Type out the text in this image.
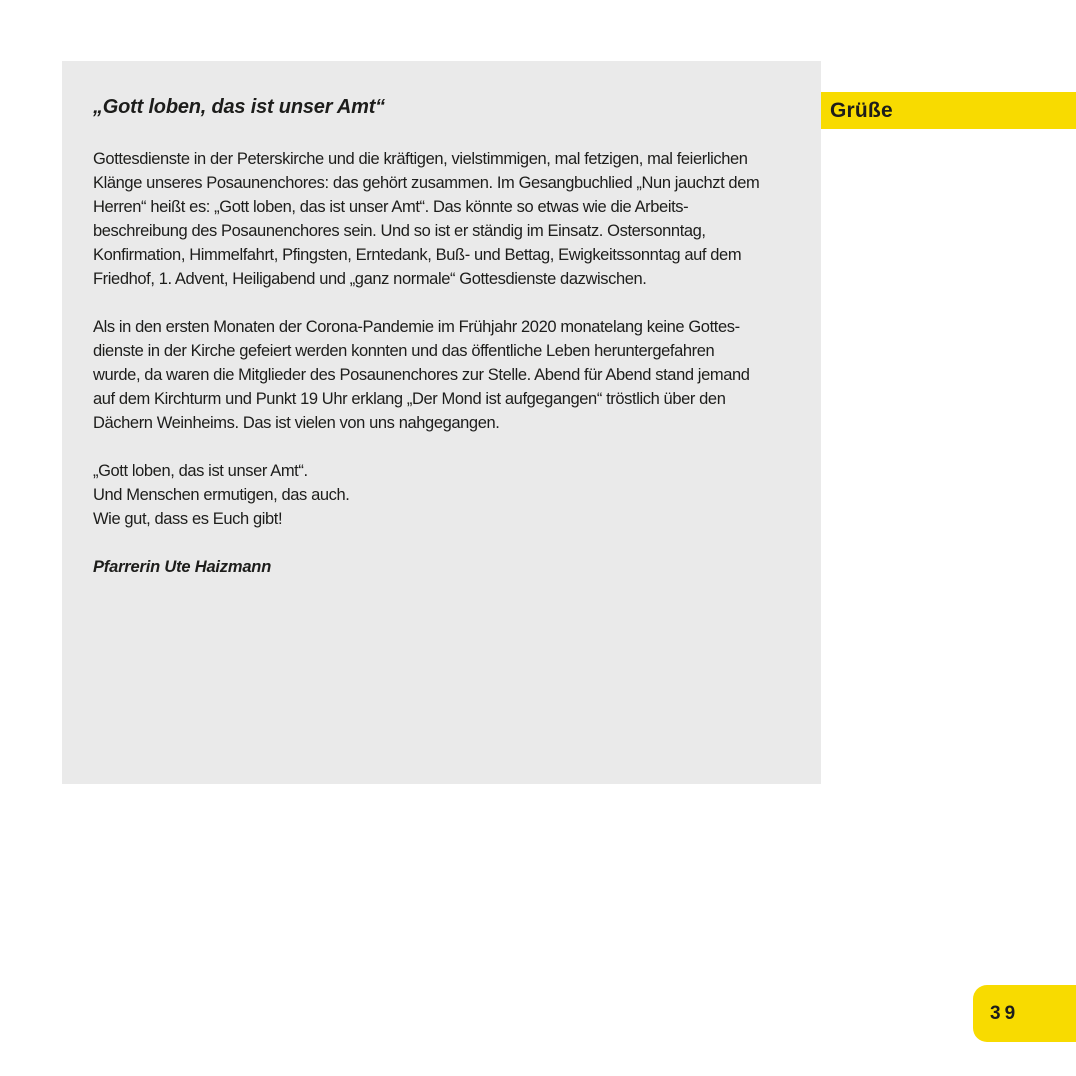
„Gott loben, das ist unser Amt“
Gottesdienste in der Peterskirche und die kräftigen, vielstimmigen, mal fetzigen, mal feierlichen
Klänge unseres Posaunenchores: das gehört zusammen. Im Gesangbuchlied „Nun jauchzt dem
Herren“ heißt es: „Gott loben, das ist unser Amt“. Das könnte so etwas wie die Arbeits-
beschreibung des Posaunenchores sein. Und so ist er ständig im Einsatz. Ostersonntag,
Konfirmation, Himmelfahrt, Pfingsten, Erntedank, Buß- und Bettag, Ewigkeitssonntag auf dem
Friedhof, 1. Advent, Heiligabend und „ganz normale“ Gottesdienste dazwischen.
Als in den ersten Monaten der Corona-Pandemie im Frühjahr 2020 monatelang keine Gottes-
dienste in der Kirche gefeiert werden konnten und das öffentliche Leben heruntergefahren
wurde, da waren die Mitglieder des Posaunenchores zur Stelle. Abend für Abend stand jemand
auf dem Kirchturm und Punkt 19 Uhr erklang „Der Mond ist aufgegangen“ tröstlich über den
Dächern Weinheims. Das ist vielen von uns nahgegangen.
„Gott loben, das ist unser Amt“.
Und Menschen ermutigen, das auch.
Wie gut, dass es Euch gibt!
Pfarrerin Ute Haizmann
Grüße
39
